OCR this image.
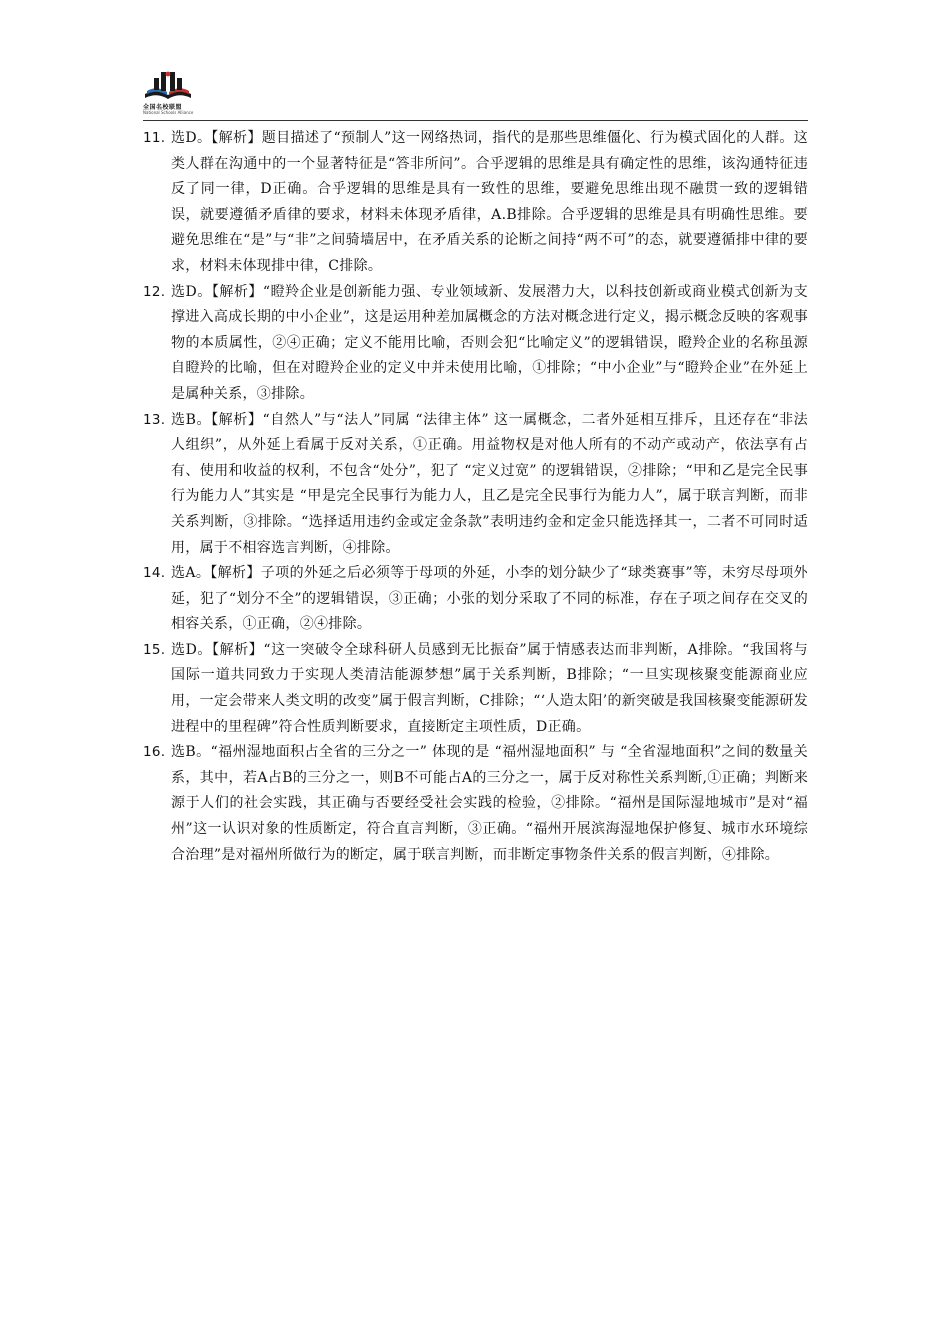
全国名校联盟
National Schools Alliance
11. 选D。【解析】题目描述了“预制人”这一网络热词，指代的是那些思维僵化、行为模式固化的人群。这类人群在沟通中的一个显著特征是“答非所问”。合乎逻辑的思维是具有确定性的思维，该沟通特征违反了同一律，D正确。合乎逻辑的思维是具有一致性的思维，要避免思维出现不融贯一致的逻辑错误，就要遵循矛盾律的要求，材料未体现矛盾律，A.B排除。合乎逻辑的思维是具有明确性思维。要避免思维在“是”与“非”之间骑墙居中，在矛盾关系的论断之间持“两不可”的态，就要遵循排中律的要求，材料未体现排中律，C排除。
12. 选D。【解析】“瞪羚企业是创新能力强、专业领域新、发展潜力大，以科技创新或商业模式创新为支撑进入高成长期的中小企业”，这是运用种差加属概念的方法对概念进行定义，揭示概念反映的客观事物的本质属性，②④正确；定义不能用比喻，否则会犯“比喻定义”的逻辑错误，瞪羚企业的名称虽源自瞪羚的比喻，但在对瞪羚企业的定义中并未使用比喻，①排除；“中小企业”与“瞪羚企业”在外延上是属种关系，③排除。
13. 选B。【解析】“自然人”与“法人”同属 “法律主体” 这一属概念，二者外延相互排斥，且还存在“非法人组织”，从外延上看属于反对关系，①正确。用益物权是对他人所有的不动产或动产，依法享有占有、使用和收益的权利，不包含“处分”，犯了 “定义过宽” 的逻辑错误，②排除；“甲和乙是完全民事行为能力人”其实是 “甲是完全民事行为能力人，且乙是完全民事行为能力人”，属于联言判断，而非关系判断，③排除。“选择适用违约金或定金条款”表明违约金和定金只能选择其一，二者不可同时适用，属于不相容选言判断，④排除。
14. 选A。【解析】子项的外延之后必须等于母项的外延，小李的划分缺少了“球类赛事”等，未穷尽母项外延，犯了“划分不全”的逻辑错误，③正确；小张的划分采取了不同的标准，存在子项之间存在交叉的相容关系，①正确，②④排除。
15. 选D。【解析】“这一突破令全球科研人员感到无比振奋”属于情感表达而非判断，A排除。“我国将与国际一道共同致力于实现人类清洁能源梦想”属于关系判断，B排除；“一旦实现核聚变能源商业应用，一定会带来人类文明的改变”属于假言判断，C排除；“‘人造太阳’的新突破是我国核聚变能源研发进程中的里程碑”符合性质判断要求，直接断定主项性质，D正确。
16. 选B。“福州湿地面积占全省的三分之一” 体现的是 “福州湿地面积” 与 “全省湿地面积”之间的数量关系，其中，若A占B的三分之一，则B不可能占A的三分之一，属于反对称性关系判断,①正确；判断来源于人们的社会实践，其正确与否要经受社会实践的检验，②排除。“福州是国际湿地城市”是对“福州”这一认识对象的性质断定，符合直言判断，③正确。“福州开展滨海湿地保护修复、城市水环境综合治理”是对福州所做行为的断定，属于联言判断，而非断定事物条件关系的假言判断，④排除。
